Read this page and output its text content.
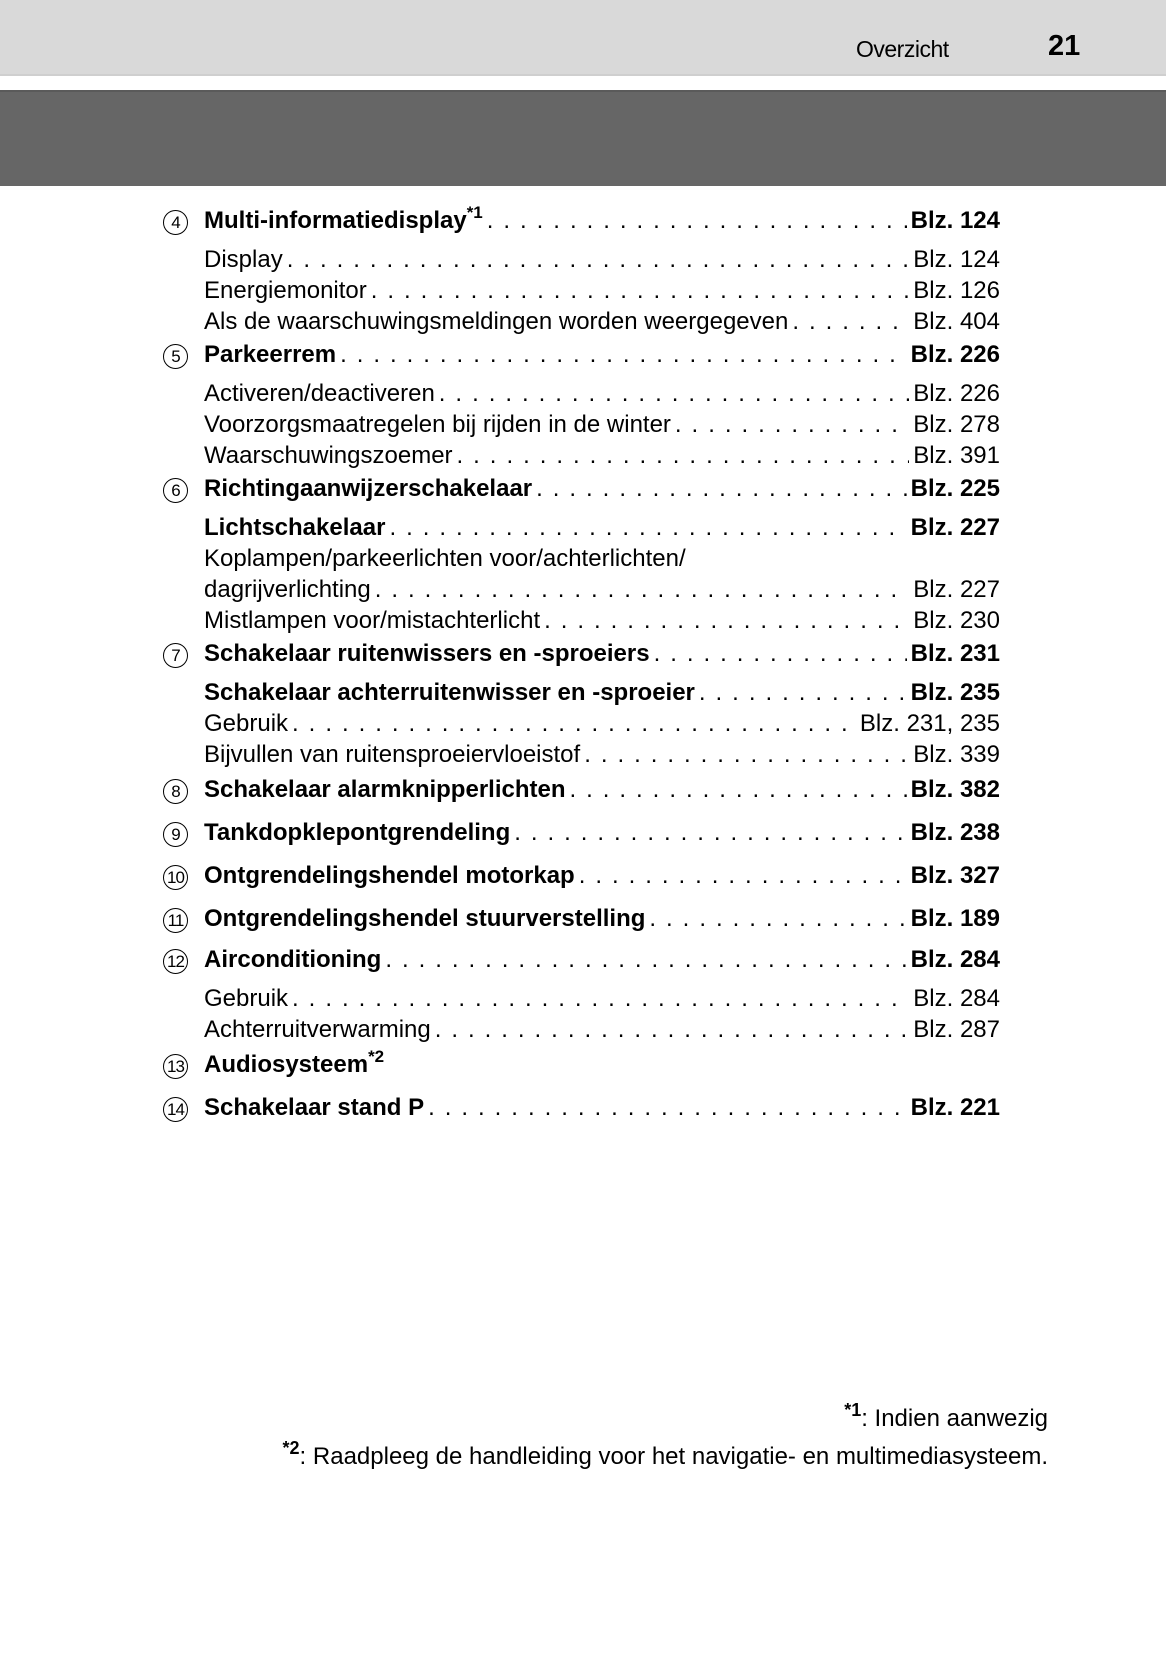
Overzicht	21
4	Multi-informatiedisplay$^{*1}$ . . .	Blz. 124
Display . . .	Blz. 124
Energiemonitor . . .	Blz. 126
Als de waarschuwingsmeldingen worden weergegeven . . .	Blz. 404
5	Parkeerrem . . .	Blz. 226
Activeren/deactiveren . . .	Blz. 226
Voorzorgsmaatregelen bij rijden in de winter . . .	Blz. 278
Waarschuwingszoemer . . .	Blz. 391
6	Richtingaanwijzerschakelaar . . .	Blz. 225
Lichtschakelaar . . .	Blz. 227
Koplampen/parkeerlichten voor/achterlichten/
dagrijverlichting . . .	Blz. 227
Mistlampen voor/mistachterlicht . . .	Blz. 230
7	Schakelaar ruitenwissers en -sproeiers . . .	Blz. 231
Schakelaar achterruitenwisser en -sproeier . . .	Blz. 235
Gebruik . . .	Blz. 231, 235
Bijvullen van ruitensproeiervloeistof . . .	Blz. 339
8	Schakelaar alarmknipperlichten . . .	Blz. 382
9	Tankdopklepontgrendeling . . .	Blz. 238
10 Ontgrendelingshendel motorkap . . .	Blz. 327
11 Ontgrendelingshendel stuurverstelling . . .	Blz. 189
12 Airconditioning . . .	Blz. 284
Gebruik . . .	Blz. 284
Achterruitverwarming . . .	Blz. 287
13 Audiosysteem$^{*2}$
14 Schakelaar stand P . . .	Blz. 221
$^{*1}$: Indien aanwezig
$^{*2}$: Raadpleeg de handleiding voor het navigatie- en multimediasysteem.
